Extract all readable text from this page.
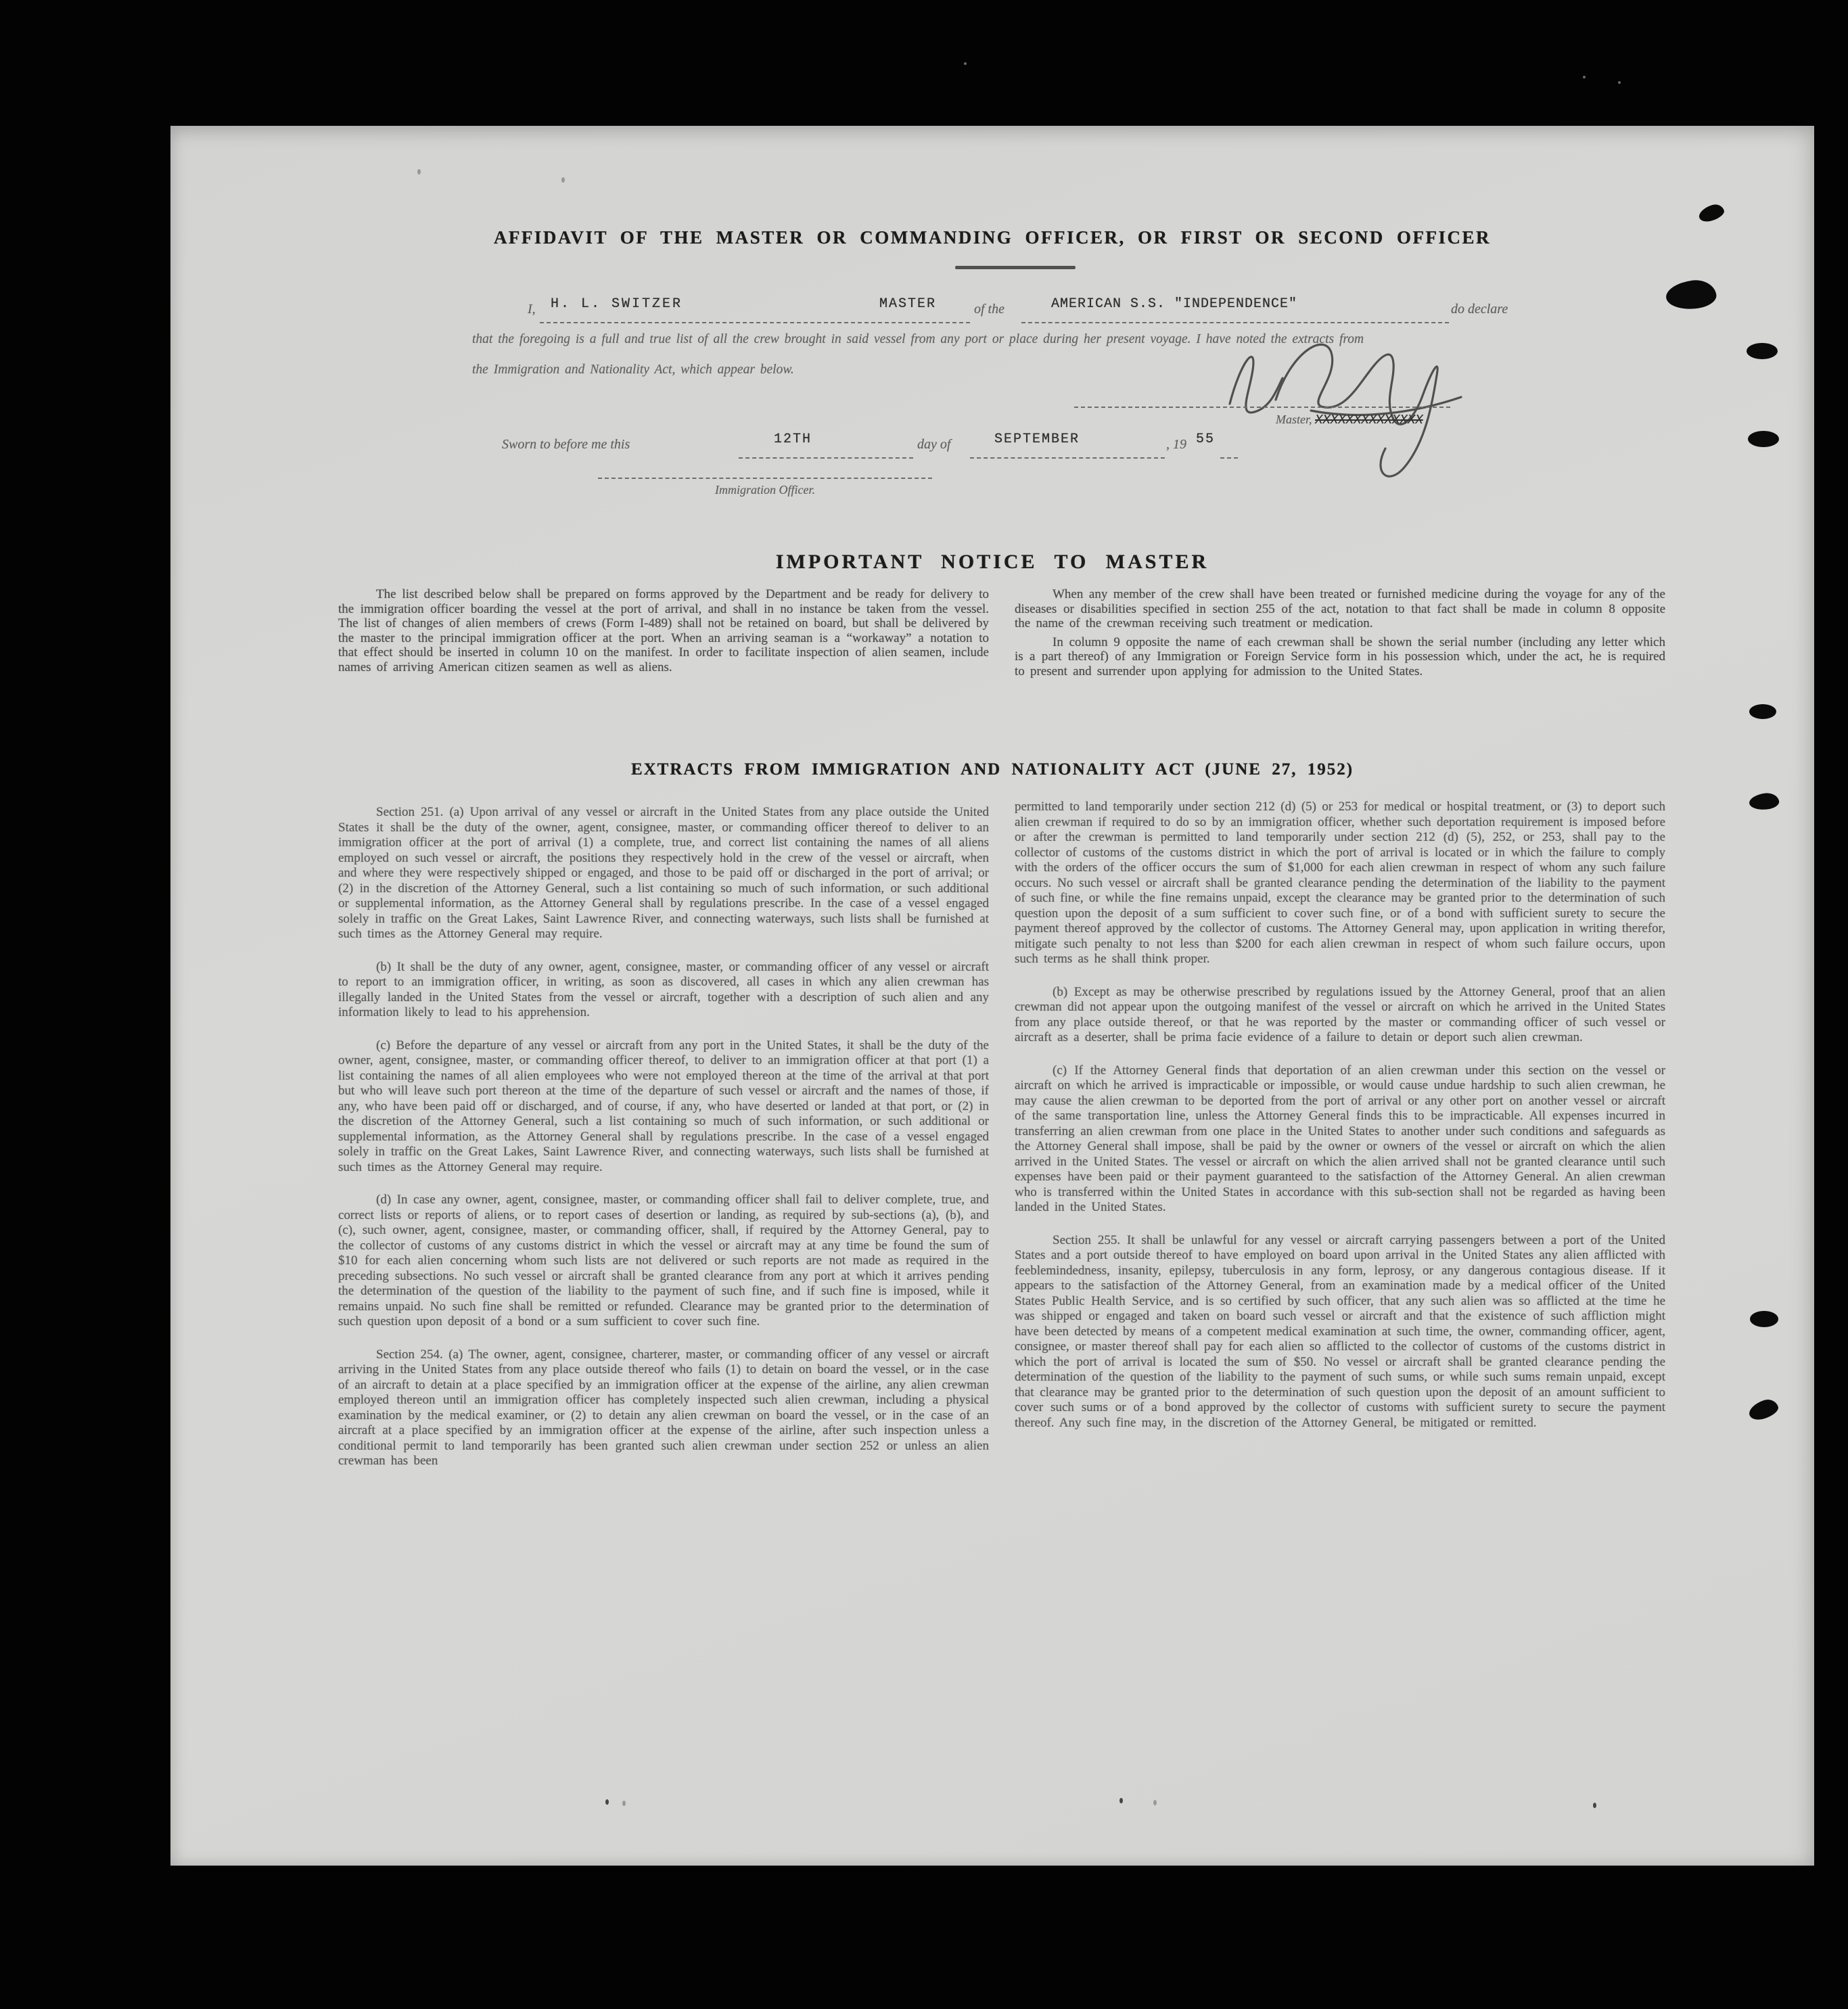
AFFIDAVIT OF THE MASTER OR COMMANDING OFFICER, OR FIRST OR SECOND OFFICER
I, H. L. SWITZER	MASTER	of the	AMERICAN S.S. "INDEPENDENCE"	do declare
that the foregoing is a full and true list of all the crew brought in said vessel from any port or place during her present voyage. I have noted the extracts from
the Immigration and Nationality Act, which appear below.
Master, XXXXXXXXXXXXXX
Sworn to before me this	12TH	day of	SEPTEMBER	, 19 55
Immigration Officer.
IMPORTANT NOTICE TO MASTER

The list described below shall be prepared on forms approved by the Department and be ready for delivery to the immigration officer boarding the vessel at the port of arrival, and shall in no instance be taken from the vessel. The list of changes of alien members of crews (Form I-489) shall not be retained on board, but shall be delivered by the master to the principal immigration officer at the port. When an arriving seaman is a “workaway” a notation to that effect should be inserted in column 10 on the manifest. In order to facilitate inspection of alien seamen, include names of arriving American citizen seamen as well as aliens.

When any member of the crew shall have been treated or furnished medicine during the voyage for any of the diseases or disabilities specified in section 255 of the act, notation to that fact shall be made in column 8 opposite the name of the crewman receiving such treatment or medication.

In column 9 opposite the name of each crewman shall be shown the serial number (including any letter which is a part thereof) of any Immigration or Foreign Service form in his possession which, under the act, he is required to present and surrender upon applying for admission to the United States.

EXTRACTS FROM IMMIGRATION AND NATIONALITY ACT (JUNE 27, 1952)

Section 251. (a) Upon arrival of any vessel or aircraft in the United States from any place outside the United States it shall be the duty of the owner, agent, consignee, master, or commanding officer thereof to deliver to an immigration officer at the port of arrival (1) a complete, true, and correct list containing the names of all aliens employed on such vessel or aircraft, the positions they respectively hold in the crew of the vessel or aircraft, when and where they were respectively shipped or engaged, and those to be paid off or discharged in the port of arrival; or (2) in the discretion of the Attorney General, such a list containing so much of such information, or such additional or supplemental information, as the Attorney General shall by regulations prescribe. In the case of a vessel engaged solely in traffic on the Great Lakes, Saint Lawrence River, and connecting waterways, such lists shall be furnished at such times as the Attorney General may require.

(b) It shall be the duty of any owner, agent, consignee, master, or commanding officer of any vessel or aircraft to report to an immigration officer, in writing, as soon as discovered, all cases in which any alien crewman has illegally landed in the United States from the vessel or aircraft, together with a description of such alien and any information likely to lead to his apprehension.

(c) Before the departure of any vessel or aircraft from any port in the United States, it shall be the duty of the owner, agent, consignee, master, or commanding officer thereof, to deliver to an immigration officer at that port (1) a list containing the names of all alien employees who were not employed thereon at the time of the arrival at that port but who will leave such port thereon at the time of the departure of such vessel or aircraft and the names of those, if any, who have been paid off or discharged, and of course, if any, who have deserted or landed at that port, or (2) in the discretion of the Attorney General, such a list containing so much of such information, or such additional or supplemental information, as the Attorney General shall by regulations prescribe. In the case of a vessel engaged solely in traffic on the Great Lakes, Saint Lawrence River, and connecting waterways, such lists shall be furnished at such times as the Attorney General may require.

(d) In case any owner, agent, consignee, master, or commanding officer shall fail to deliver complete, true, and correct lists or reports of aliens, or to report cases of desertion or landing, as required by sub-sections (a), (b), and (c), such owner, agent, consignee, master, or commanding officer, shall, if required by the Attorney General, pay to the collector of customs of any customs district in which the vessel or aircraft may at any time be found the sum of $10 for each alien concerning whom such lists are not delivered or such reports are not made as required in the preceding subsections. No such vessel or aircraft shall be granted clearance from any port at which it arrives pending the determination of the question of the liability to the payment of such fine, and if such fine is imposed, while it remains unpaid. No such fine shall be remitted or refunded. Clearance may be granted prior to the determination of such question upon deposit of a bond or a sum sufficient to cover such fine.

Section 254. (a) The owner, agent, consignee, charterer, master, or commanding officer of any vessel or aircraft arriving in the United States from any place outside thereof who fails (1) to detain on board the vessel, or in the case of an aircraft to detain at a place specified by an immigration officer at the expense of the airline, any alien crewman employed thereon until an immigration officer has completely inspected such alien crewman, including a physical examination by the medical examiner, or (2) to detain any alien crewman on board the vessel, or in the case of an aircraft at a place specified by an immigration officer at the expense of the airline, after such inspection unless a conditional permit to land temporarily has been granted such alien crewman under section 252 or unless an alien crewman has been

permitted to land temporarily under section 212 (d) (5) or 253 for medical or hospital treatment, or (3) to deport such alien crewman if required to do so by an immigration officer, whether such deportation requirement is imposed before or after the crewman is permitted to land temporarily under section 212 (d) (5), 252, or 253, shall pay to the collector of customs of the customs district in which the port of arrival is located or in which the failure to comply with the orders of the officer occurs the sum of $1,000 for each alien crewman in respect of whom any such failure occurs. No such vessel or aircraft shall be granted clearance pending the determination of the liability to the payment of such fine, or while the fine remains unpaid, except the clearance may be granted prior to the determination of such question upon the deposit of a sum sufficient to cover such fine, or of a bond with sufficient surety to secure the payment thereof approved by the collector of customs. The Attorney General may, upon application in writing therefor, mitigate such penalty to not less than $200 for each alien crewman in respect of whom such failure occurs, upon such terms as he shall think proper.

(b) Except as may be otherwise prescribed by regulations issued by the Attorney General, proof that an alien crewman did not appear upon the outgoing manifest of the vessel or aircraft on which he arrived in the United States from any place outside thereof, or that he was reported by the master or commanding officer of such vessel or aircraft as a deserter, shall be prima facie evidence of a failure to detain or deport such alien crewman.

(c) If the Attorney General finds that deportation of an alien crewman under this section on the vessel or aircraft on which he arrived is impracticable or impossible, or would cause undue hardship to such alien crewman, he may cause the alien crewman to be deported from the port of arrival or any other port on another vessel or aircraft of the same transportation line, unless the Attorney General finds this to be impracticable. All expenses incurred in transferring an alien crewman from one place in the United States to another under such conditions and safeguards as the Attorney General shall impose, shall be paid by the owner or owners of the vessel or aircraft on which the alien arrived in the United States. The vessel or aircraft on which the alien arrived shall not be granted clearance until such expenses have been paid or their payment guaranteed to the satisfaction of the Attorney General. An alien crewman who is transferred within the United States in accordance with this sub-section shall not be regarded as having been landed in the United States.

Section 255. It shall be unlawful for any vessel or aircraft carrying passengers between a port of the United States and a port outside thereof to have employed on board upon arrival in the United States any alien afflicted with feeblemindedness, insanity, epilepsy, tuberculosis in any form, leprosy, or any dangerous contagious disease. If it appears to the satisfaction of the Attorney General, from an examination made by a medical officer of the United States Public Health Service, and is so certified by such officer, that any such alien was so afflicted at the time he was shipped or engaged and taken on board such vessel or aircraft and that the existence of such affliction might have been detected by means of a competent medical examination at such time, the owner, commanding officer, agent, consignee, or master thereof shall pay for each alien so afflicted to the collector of customs of the customs district in which the port of arrival is located the sum of $50. No vessel or aircraft shall be granted clearance pending the determination of the question of the liability to the payment of such sums, or while such sums remain unpaid, except that clearance may be granted prior to the determination of such question upon the deposit of an amount sufficient to cover such sums or of a bond approved by the collector of customs with sufficient surety to secure the payment thereof. Any such fine may, in the discretion of the Attorney General, be mitigated or remitted.
